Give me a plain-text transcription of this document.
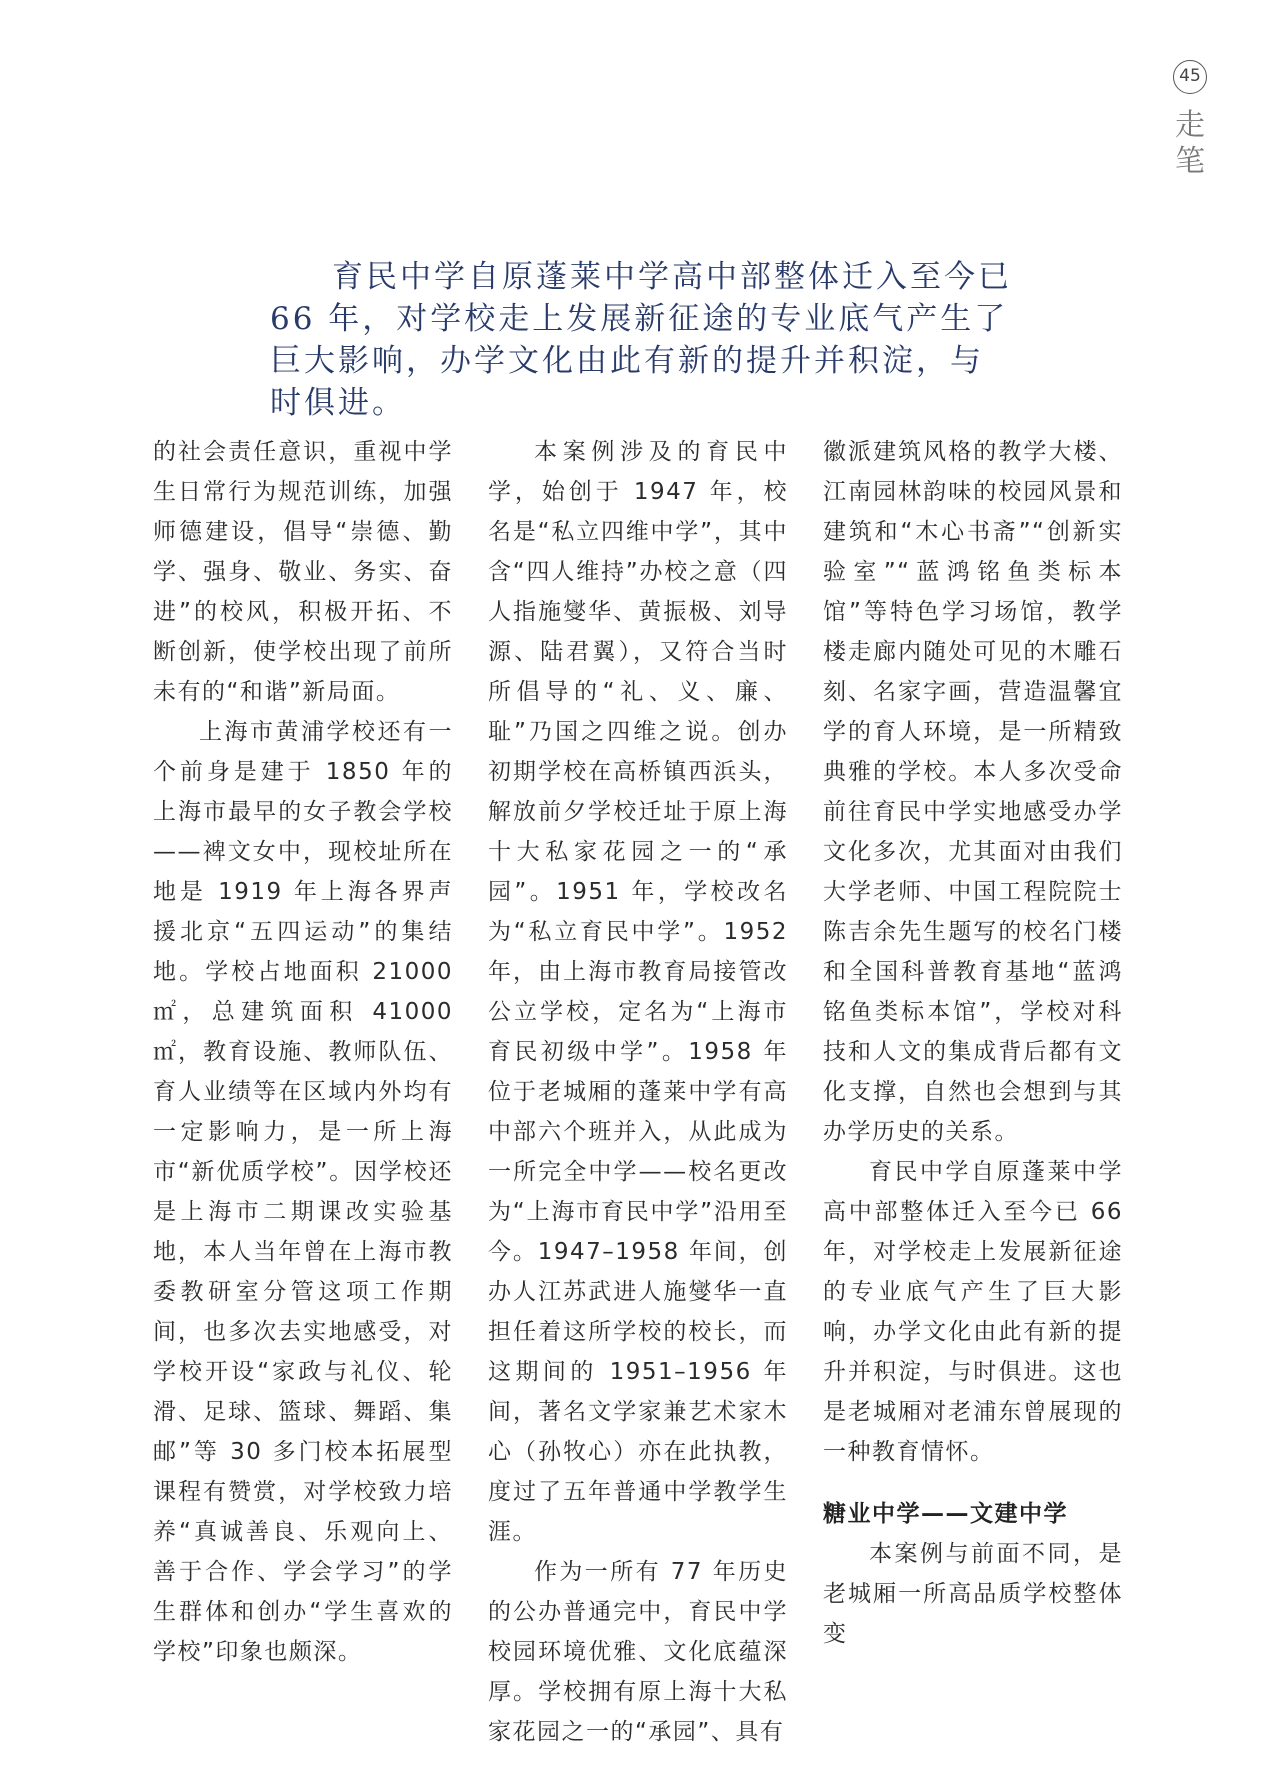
45
走笔

育民中学自原蓬莱中学高中部整体迁入至今已 66 年，对学校走上发展新征途的专业底气产生了巨大影响，办学文化由此有新的提升并积淀，与时俱进。

的社会责任意识，重视中学生日常行为规范训练，加强师德建设，倡导“崇德、勤学、强身、敬业、务实、奋进”的校风，积极开拓、不断创新，使学校出现了前所未有的“和谐”新局面。

上海市黄浦学校还有一个前身是建于 1850 年的上海市最早的女子教会学校——裨文女中，现校址所在地是 1919 年上海各界声援北京“五四运动”的集结地。学校占地面积 21000㎡，总建筑面积 41000㎡，教育设施、教师队伍、育人业绩等在区域内外均有一定影响力，是一所上海市“新优质学校”。因学校还是上海市二期课改实验基地，本人当年曾在上海市教委教研室分管这项工作期间，也多次去实地感受，对学校开设“家政与礼仪、轮滑、足球、篮球、舞蹈、集邮”等 30 多门校本拓展型课程有赞赏，对学校致力培养“真诚善良、乐观向上、善于合作、学会学习”的学生群体和创办“学生喜欢的学校”印象也颇深。

本案例涉及的育民中学，始创于 1947 年，校名是“私立四维中学”，其中含“四人维持”办校之意（四人指施燮华、黄振极、刘导源、陆君翼），又符合当时所倡导的“礼、义、廉、耻”乃国之四维之说。创办初期学校在高桥镇西浜头，解放前夕学校迁址于原上海十大私家花园之一的“承园”。1951 年，学校改名为“私立育民中学”。1952 年，由上海市教育局接管改公立学校，定名为“上海市育民初级中学”。1958 年位于老城厢的蓬莱中学有高中部六个班并入，从此成为一所完全中学——校名更改为“上海市育民中学”沿用至今。1947–1958 年间，创办人江苏武进人施燮华一直担任着这所学校的校长，而这期间的 1951–1956 年间，著名文学家兼艺术家木心（孙牧心）亦在此执教，度过了五年普通中学教学生涯。

作为一所有 77 年历史的公办普通完中，育民中学校园环境优雅、文化底蕴深厚。学校拥有原上海十大私家花园之一的“承园”、具有

徽派建筑风格的教学大楼、江南园林韵味的校园风景和建筑和“木心书斋”“创新实验室”“蓝鸿铭鱼类标本馆”等特色学习场馆，教学楼走廊内随处可见的木雕石刻、名家字画，营造温馨宜学的育人环境，是一所精致典雅的学校。本人多次受命前往育民中学实地感受办学文化多次，尤其面对由我们大学老师、中国工程院院士陈吉余先生题写的校名门楼和全国科普教育基地“蓝鸿铭鱼类标本馆”，学校对科技和人文的集成背后都有文化支撑，自然也会想到与其办学历史的关系。

育民中学自原蓬莱中学高中部整体迁入至今已 66 年，对学校走上发展新征途的专业底气产生了巨大影响，办学文化由此有新的提升并积淀，与时俱进。这也是老城厢对老浦东曾展现的一种教育情怀。

糖业中学——文建中学

本案例与前面不同，是老城厢一所高品质学校整体变
